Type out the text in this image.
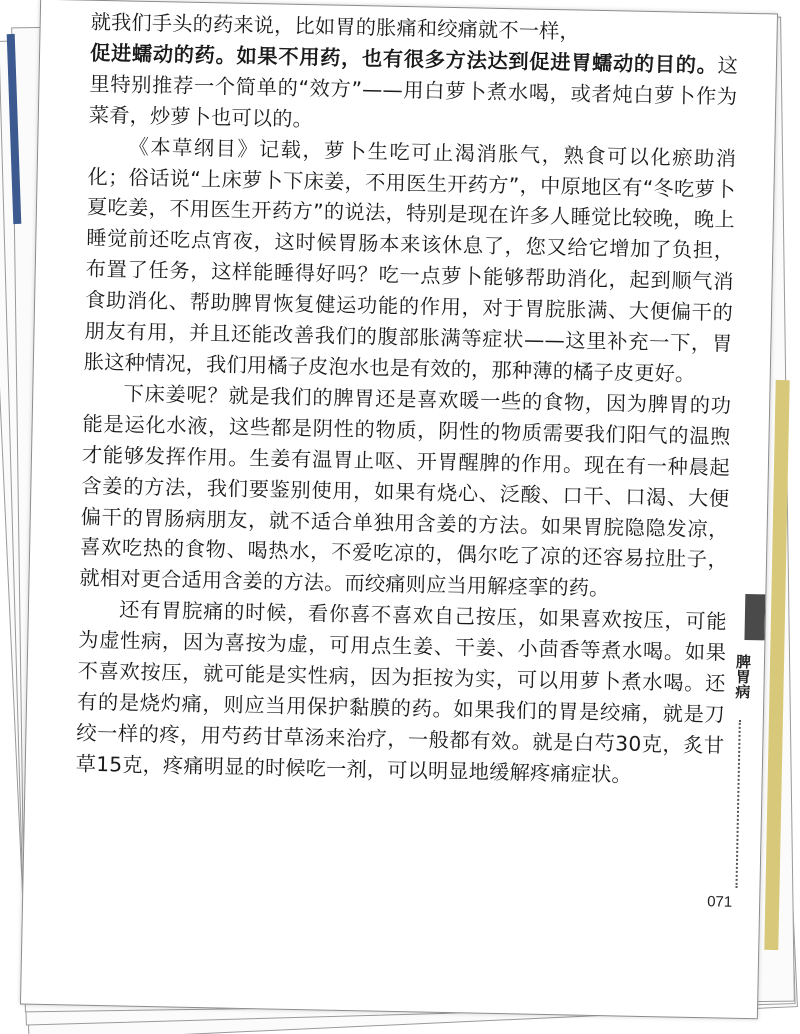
就我们手头的药来说，比如胃的胀痛和绞痛就不一样，

促进蠕动的药。如果不用药，也有很多方法达到促进胃蠕动的目的。这里特别推荐一个简单的“效方”——用白萝卜煮水喝，或者炖白萝卜作为菜肴，炒萝卜也可以的。

《本草纲目》记载，萝卜生吃可止渴消胀气，熟食可以化瘀助消化；俗话说“上床萝卜下床姜，不用医生开药方”，中原地区有“冬吃萝卜夏吃姜，不用医生开药方”的说法，特别是现在许多人睡觉比较晚，晚上睡觉前还吃点宵夜，这时候胃肠本来该休息了，您又给它增加了负担，布置了任务，这样能睡得好吗？吃一点萝卜能够帮助消化，起到顺气消食助消化、帮助脾胃恢复健运功能的作用，对于胃脘胀满、大便偏干的朋友有用，并且还能改善我们的腹部胀满等症状——这里补充一下，胃胀这种情况，我们用橘子皮泡水也是有效的，那种薄的橘子皮更好。

下床姜呢？就是我们的脾胃还是喜欢暖一些的食物，因为脾胃的功能是运化水液，这些都是阴性的物质，阴性的物质需要我们阳气的温煦才能够发挥作用。生姜有温胃止呕、开胃醒脾的作用。现在有一种晨起含姜的方法，我们要鉴别使用，如果有烧心、泛酸、口干、口渴、大便偏干的胃肠病朋友，就不适合单独用含姜的方法。如果胃脘隐隐发凉，喜欢吃热的食物、喝热水，不爱吃凉的，偶尔吃了凉的还容易拉肚子，就相对更合适用含姜的方法。而绞痛则应当用解痉挛的药。

还有胃脘痛的时候，看你喜不喜欢自己按压，如果喜欢按压，可能为虚性病，因为喜按为虚，可用点生姜、干姜、小茴香等煮水喝。如果不喜欢按压，就可能是实性病，因为拒按为实，可以用萝卜煮水喝。还有的是烧灼痛，则应当用保护黏膜的药。如果我们的胃是绞痛，就是刀绞一样的疼，用芍药甘草汤来治疗，一般都有效。就是白芍30克，炙甘草15克，疼痛明显的时候吃一剂，可以明显地缓解疼痛症状。

脾胃病
071
